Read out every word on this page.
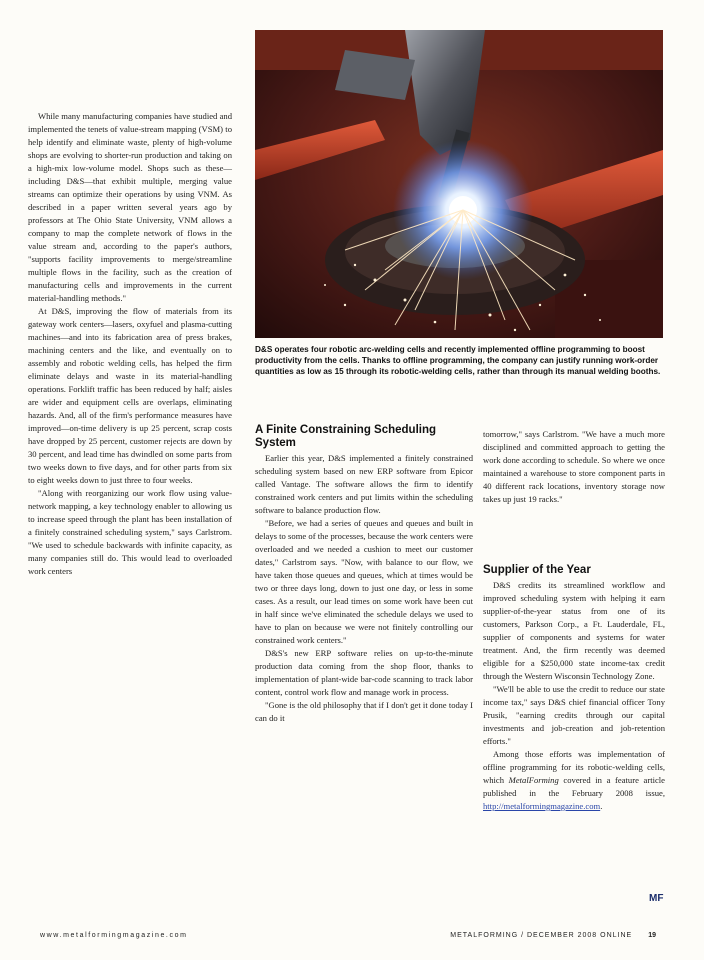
D&S operates four robotic arc-welding cells and recently implemented offline programming to boost productivity from the cells. Thanks to offline programming, the company can justify running work-order quantities as low as 15 through its robotic-welding cells, rather than through its manual welding booths.

While many manufacturing companies have studied and implemented the tenets of value-stream mapping (VSM) to help identify and eliminate waste, plenty of high-volume shops are evolving to shorter-run production and taking on a high-mix low-volume model. Shops such as these—including D&S—that exhibit multiple, merging value streams can optimize their operations by using VNM. As described in a paper written several years ago by professors at The Ohio State University, VNM allows a company to map the complete network of flows in the value stream and, according to the paper's authors, "supports facility improvements to merge/streamline multiple flows in the facility, such as the creation of manufacturing cells and improvements in the current material-handling methods."

At D&S, improving the flow of materials from its gateway work centers—lasers, oxyfuel and plasma-cutting machines—and into its fabrication area of press brakes, machining centers and the like, and eventually on to assembly and robotic welding cells, has helped the firm eliminate delays and waste in its material-handling operations. Forklift traffic has been reduced by half; aisles are wider and equipment cells are overlaps, eliminating hazards. And, all of the firm's performance measures have improved—on-time delivery is up 25 percent, scrap costs have dropped by 25 percent, customer rejects are down by 30 percent, and lead time has dwindled on some parts from two weeks down to five days, and for other parts from six to eight weeks down to just three to four weeks.

"Along with reorganizing our work flow using value-network mapping, a key technology enabler to allowing us to increase speed through the plant has been installation of a finitely constrained scheduling system," says Carlstrom. "We used to schedule backwards with infinite capacity, as many companies still do. This would lead to overloaded work centers

A Finite Constraining Scheduling System

Earlier this year, D&S implemented a finitely constrained scheduling system based on new ERP software from Epicor called Vantage. The software allows the firm to identify constrained work centers and put limits within the scheduling software to balance production flow.

"Before, we had a series of queues and queues and built in delays to some of the processes, because the work centers were overloaded and we needed a cushion to meet our customer dates," Carlstrom says. "Now, with balance to our flow, we have taken those queues and queues, which at times would be two or three days long, down to just one day, or less in some cases. As a result, our lead times on some work have been cut in half since we've eliminated the schedule delays we used to have to plan on because we were not finitely controlling our constrained work centers."

D&S's new ERP software relies on up-to-the-minute production data coming from the shop floor, thanks to implementation of plant-wide bar-code scanning to track labor content, control work flow and manage work in process.

"Gone is the old philosophy that if I don't get it done today I can do it

tomorrow," says Carlstrom. "We have a much more disciplined and committed approach to getting the work done according to schedule. So where we once maintained a warehouse to store component parts in 40 different rack locations, inventory storage now takes up just 19 racks."

Supplier of the Year

D&S credits its streamlined workflow and improved scheduling system with helping it earn supplier-of-the-year status from one of its customers, Parkson Corp., a Ft. Lauderdale, FL, supplier of components and systems for water treatment. And, the firm recently was deemed eligible for a $250,000 state income-tax credit through the Western Wisconsin Technology Zone.

"We'll be able to use the credit to reduce our state income tax," says D&S chief financial officer Tony Prusik, "earning credits through our capital investments and job-creation and job-retention efforts."

Among those efforts was implementation of offline programming for its robotic-welding cells, which MetalForming covered in a feature article published in the February 2008 issue, http://metalformingmagazine.com.

MF
www.metalformingmagazine.com	METALFORMING / DECEMBER 2008 ONLINE 19
